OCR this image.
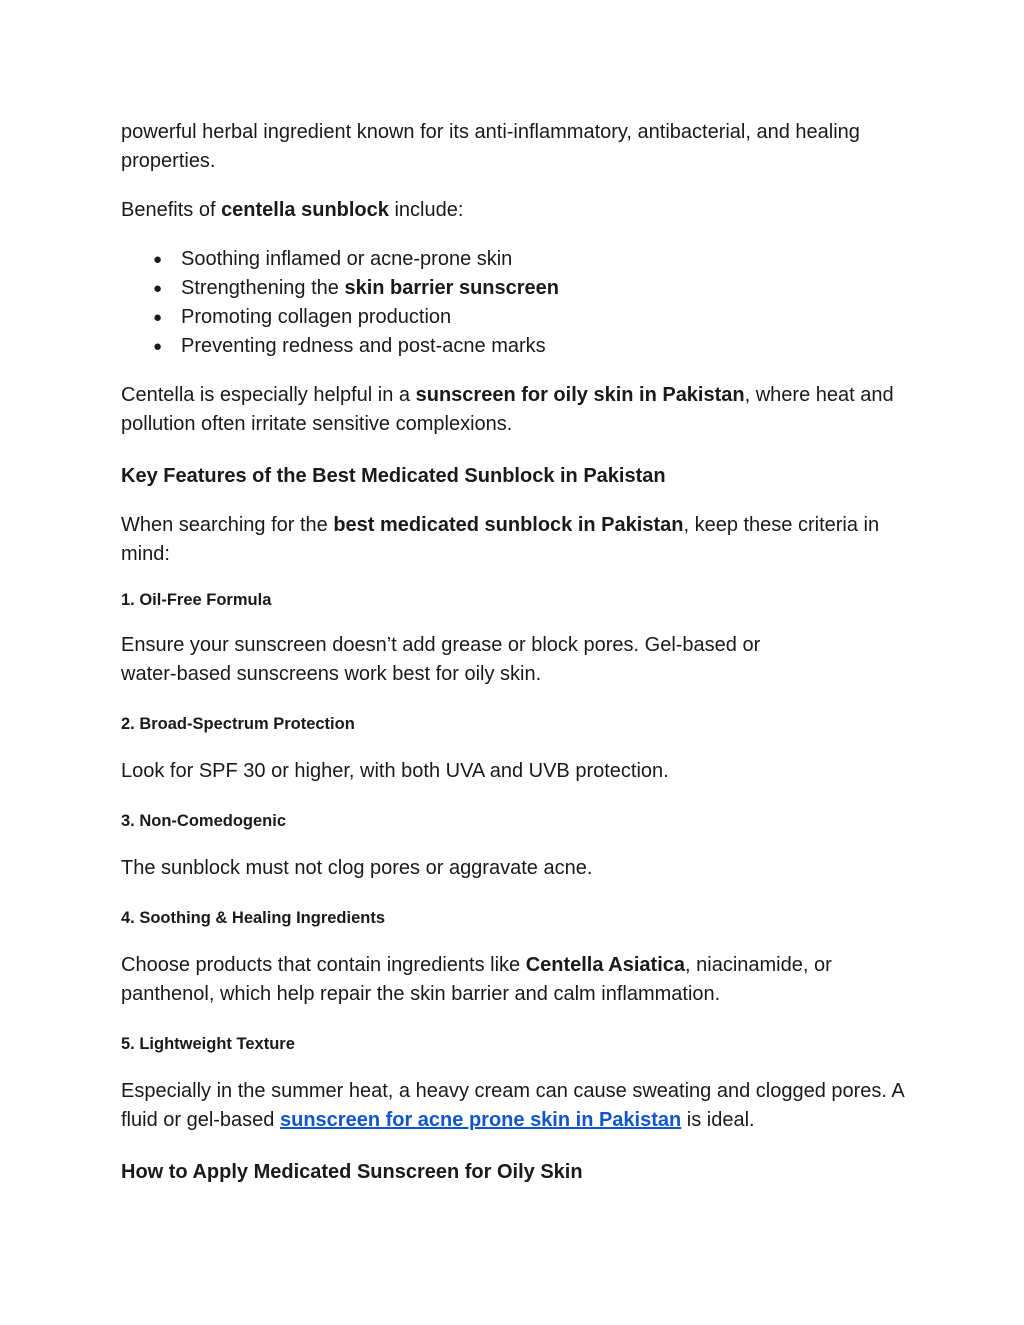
powerful herbal ingredient known for its anti-inflammatory, antibacterial, and healing properties.

Benefits of centella sunblock include:

● Soothing inflamed or acne-prone skin
● Strengthening the skin barrier sunscreen
● Promoting collagen production
● Preventing redness and post-acne marks

Centella is especially helpful in a sunscreen for oily skin in Pakistan, where heat and pollution often irritate sensitive complexions.

Key Features of the Best Medicated Sunblock in Pakistan

When searching for the best medicated sunblock in Pakistan, keep these criteria in mind:

1. Oil-Free Formula

Ensure your sunscreen doesn’t add grease or block pores. Gel-based or water-based sunscreens work best for oily skin.

2. Broad-Spectrum Protection

Look for SPF 30 or higher, with both UVA and UVB protection.

3. Non-Comedogenic

The sunblock must not clog pores or aggravate acne.

4. Soothing & Healing Ingredients

Choose products that contain ingredients like Centella Asiatica, niacinamide, or panthenol, which help repair the skin barrier and calm inflammation.

5. Lightweight Texture

Especially in the summer heat, a heavy cream can cause sweating and clogged pores. A fluid or gel-based sunscreen for acne prone skin in Pakistan is ideal.

How to Apply Medicated Sunscreen for Oily Skin
